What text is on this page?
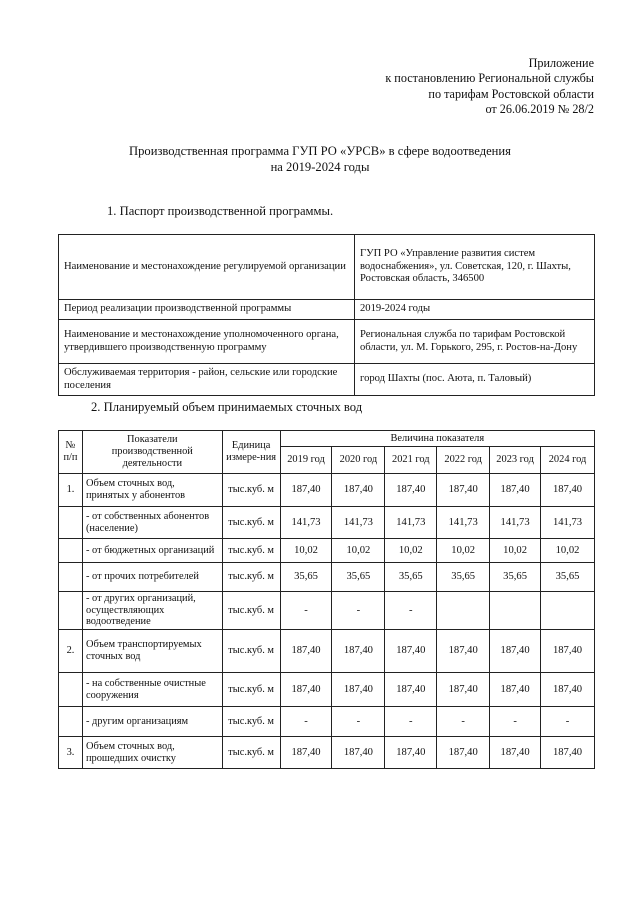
Приложение
к постановлению Региональной службы
по тарифам Ростовской области
от 26.06.2019 № 28/2
Производственная программа ГУП РО «УРСВ» в сфере водоотведения
на 2019-2024 годы
1. Паспорт производственной программы.
Наименование и местонахождение регулируемой организации	ГУП РО «Управление развития систем водоснабжения», ул. Советская, 120, г. Шахты, Ростовская область, 346500
Период реализации производственной программы	2019-2024 годы
Наименование и местонахождение уполномоченного органа, утвердившего производственную программу	Региональная служба по тарифам Ростовской области, ул. М. Горького, 295, г. Ростов-на-Дону
Обслуживаемая территория - район, сельские или городские поселения	город Шахты (пос. Аюта, п. Таловый)
2. Планируемый объем принимаемых сточных вод
№ п/п	Показатели производственной деятельности	Единица измере-ния	Величина показателя					
			2019 год	2020 год	2021 год	2022 год	2023 год	2024 год
1.	Объем сточных вод, принятых у абонентов	тыс.куб. м	187,40	187,40	187,40	187,40	187,40	187,40
	- от собственных абонентов (население)	тыс.куб. м	141,73	141,73	141,73	141,73	141,73	141,73
	- от бюджетных организаций	тыс.куб. м	10,02	10,02	10,02	10,02	10,02	10,02
	- от прочих потребителей	тыс.куб. м	35,65	35,65	35,65	35,65	35,65	35,65
	- от других организаций, осуществляющих водоотведение	тыс.куб. м	-	-	-			
2.	Объем транспортируемых сточных вод	тыс.куб. м	187,40	187,40	187,40	187,40	187,40	187,40
	- на собственные очистные сооружения	тыс.куб. м	187,40	187,40	187,40	187,40	187,40	187,40
	- другим организациям	тыс.куб. м	-	-	-	-	-	-
3.	Объем сточных вод, прошедших очистку	тыс.куб. м	187,40	187,40	187,40	187,40	187,40	187,40
